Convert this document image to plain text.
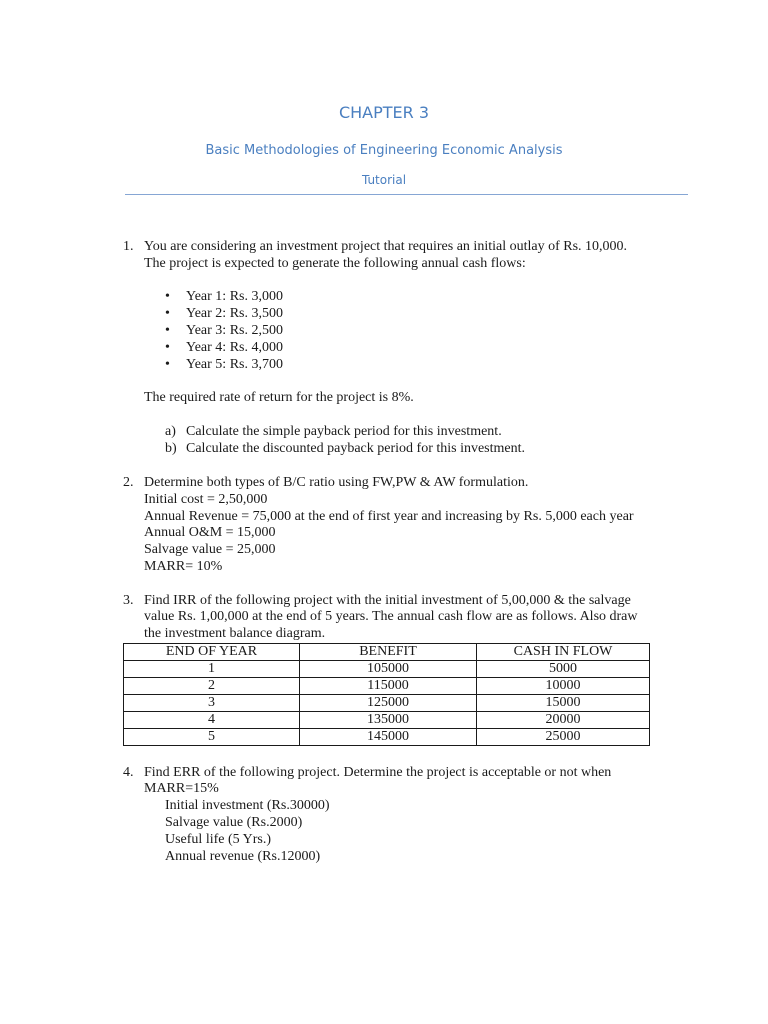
CHAPTER 3
Basic Methodologies of Engineering Economic Analysis
Tutorial
1. You are considering an investment project that requires an initial outlay of Rs. 10,000.
The project is expected to generate the following annual cash flows:
• Year 1: Rs. 3,000
• Year 2: Rs. 3,500
• Year 3: Rs. 2,500
• Year 4: Rs. 4,000
• Year 5: Rs. 3,700
The required rate of return for the project is 8%.
a) Calculate the simple payback period for this investment.
b) Calculate the discounted payback period for this investment.
2. Determine both types of B/C ratio using FW,PW & AW formulation.
Initial cost = 2,50,000
Annual Revenue = 75,000 at the end of first year and increasing by Rs. 5,000 each year
Annual O&M = 15,000
Salvage value = 25,000
MARR= 10%
3. Find IRR of the following project with the initial investment of 5,00,000 & the salvage
value Rs. 1,00,000 at the end of 5 years. The annual cash flow are as follows. Also draw
the investment balance diagram.
END OF YEAR	BENEFIT	CASH IN FLOW
1	105000	5000
2	115000	10000
3	125000	15000
4	135000	20000
5	145000	25000
4. Find ERR of the following project. Determine the project is acceptable or not when
MARR=15%
Initial investment (Rs.30000)
Salvage value (Rs.2000)
Useful life (5 Yrs.)
Annual revenue (Rs.12000)
